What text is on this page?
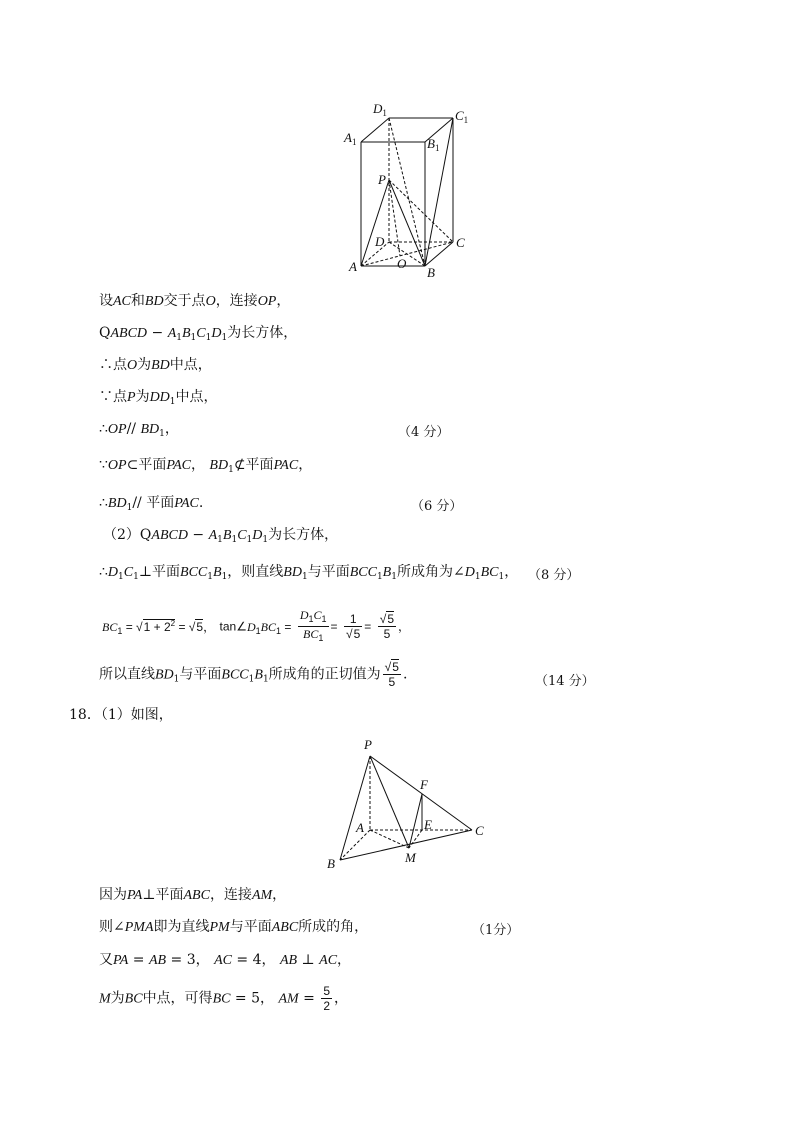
$D_1$	$C_1$
$A_1$	$B_1$
P
D	C
A	O
B
设AC和BD交于点O，连接OP，
QABCD − $A_1B_1C_1D_1$为长方体，
∴点O为BD中点，
∵点P为$DD_1$中点，
∴OP// $BD_1$，	（4 分）
∵OP⊂平面PAC， $BD_1⊄$平面PAC，
$\therefore BD_1//$ 平面PAC.	（6 分）
（2）QABCD − $A_1B_1C_1D_1$为长方体，
$\therefore D_1C_1\perp$平面$BCC_1B_1$，则直线$BD_1$与平面$BCC_1B_1$所成角为$\angle D_1BC_1$， （8 分）
$BC_1 = √1 + 2^2 = √5$， $\tan\angle D_1BC_1 = \frac{D_1C_1}{BC_1} = \frac{1}{√5} = \frac{√5}{5}$ ，
所以直线$BD_1$与平面$BCC_1B_1$所成角的正切值为 $\frac{√5}{5}$ .	（14 分）
18．（1）如图，
P
F
A	E	C
B	M
因为PA⊥平面ABC，连接AM，
则∠PMA即为直线PM与平面ABC所成的角，	（1分）
又PA = AB = 3， AC = 4， AB ⊥ AC，
M为BC中点，可得BC = 5， AM = $\frac{5}{2}$ ，
